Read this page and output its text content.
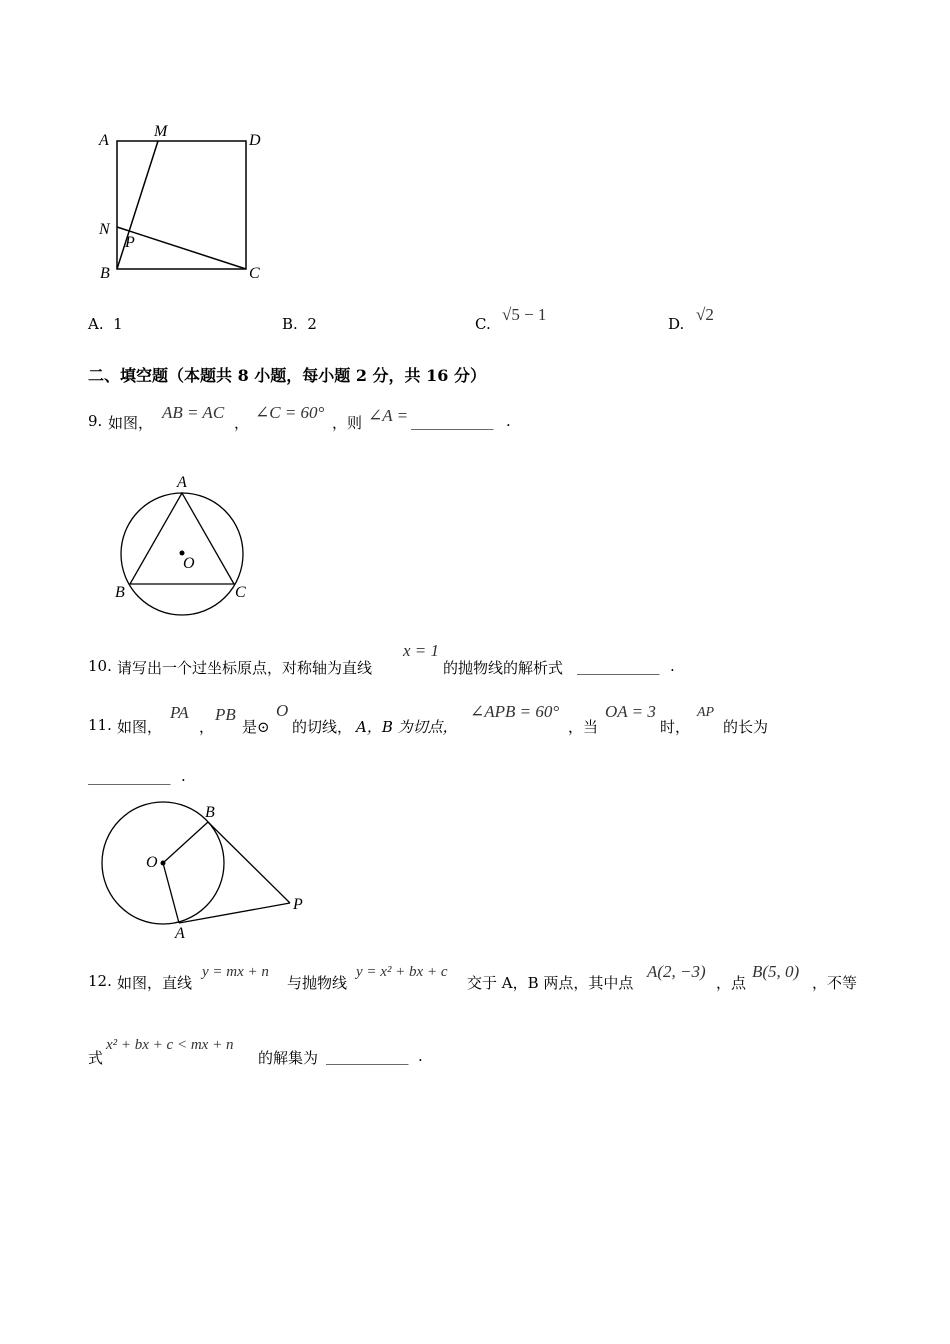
A
M
D
N
P
B	C
A. 1	B. 2	C. √5 − 1	D. √2
二、填空题（本题共 8 小题，每小题 2 分，共 16 分）
9. 如图，
AB = AC
，
∠C = 60°
，则 ∠A = ___________ .
A
O
B	C
10. 请写出一个过坐标原点，对称轴为直线
x = 1
的抛物线的解析式 ___________ .
11. 如图，
PA
，
PB
是⊙
O
的切线， A，B 为切点，
∠APB = 60°
，当
OA = 3
时，
AP
的长为
___________ .
B
O
P
A
12. 如图，直线
y = mx + n
与抛物线
y = x² + bx + c
交于 A，B 两点，其中点
A(2, −3)
，点
B(5, 0)
，不等
式
x² + bx + c < mx + n
的解集为 ___________ .
